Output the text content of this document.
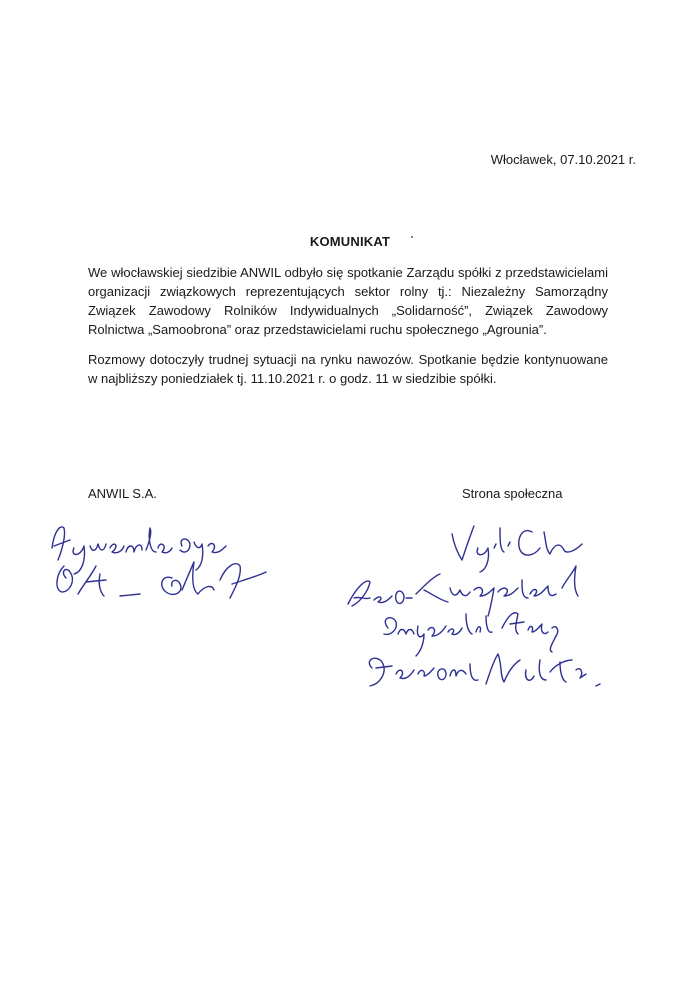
Włocławek, 07.10.2021 r.
KOMUNIKAT
We włocławskiej siedzibie ANWIL odbyło się spotkanie Zarządu spółki z przedstawicielami organizacji związkowych reprezentujących sektor rolny tj.: Niezależny Samorządny Związek Zawodowy Rolników Indywidualnych „Solidarność”, Związek Zawodowy Rolnictwa „Samoobrona” oraz przedstawicielami ruchu społecznego „Agrounia”.
Rozmowy dotoczyły trudnej sytuacji na rynku nawozów. Spotkanie będzie kontynuowane w najbliższy poniedziałek tj. 11.10.2021 r. o godz. 11 w siedzibie spółki.
ANWIL S.A.	Strona społeczna
